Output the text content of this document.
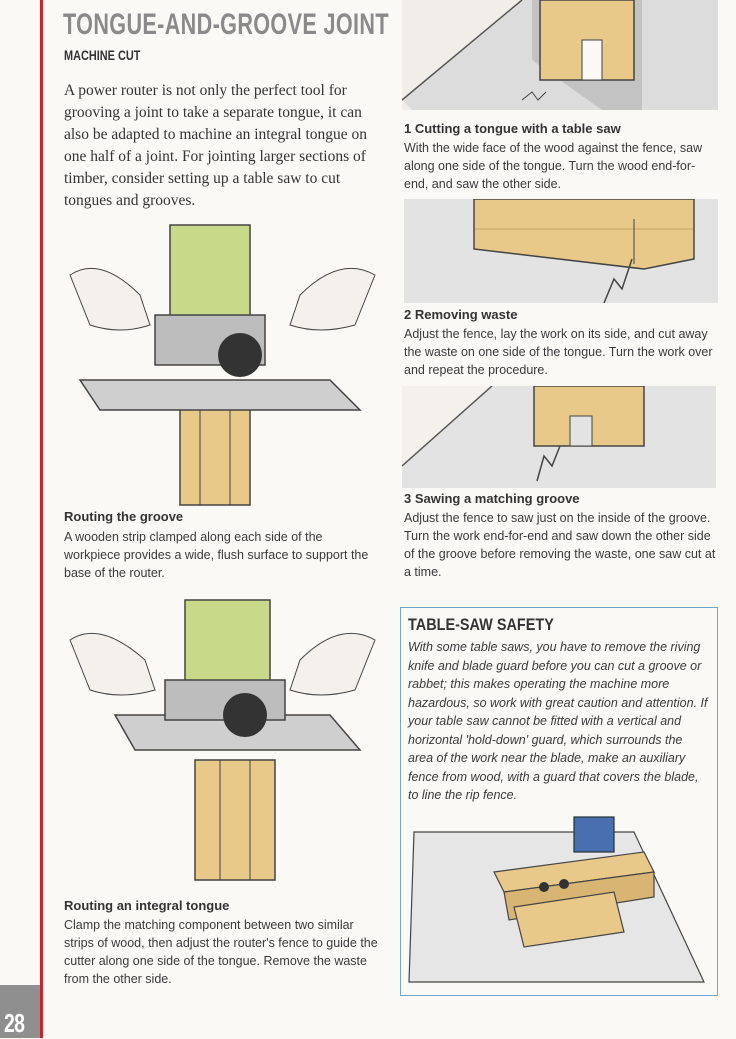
28
TONGUE-AND-GROOVE JOINT
MACHINE CUT
A power router is not only the perfect tool for grooving a joint to take a separate tongue, it can also be adapted to machine an integral tongue on one half of a joint. For jointing larger sections of timber, consider setting up a table saw to cut tongues and grooves.
1 Cutting a tongue with a table saw
With the wide face of the wood against the fence, saw along one side of the tongue. Turn the wood end-for-end, and saw the other side.
2 Removing waste
Adjust the fence, lay the work on its side, and cut away the waste on one side of the tongue. Turn the work over and repeat the procedure.
3 Sawing a matching groove
Adjust the fence to saw just on the inside of the groove. Turn the work end-for-end and saw down the other side of the groove before removing the waste, one saw cut at a time.
Routing the groove
A wooden strip clamped along each side of the workpiece provides a wide, flush surface to support the base of the router.
Routing an integral tongue
Clamp the matching component between two similar strips of wood, then adjust the router's fence to guide the cutter along one side of the tongue. Remove the waste from the other side.
TABLE-SAW SAFETY
With some table saws, you have to remove the riving knife and blade guard before you can cut a groove or rabbet; this makes operating the machine more hazardous, so work with great caution and attention. If your table saw cannot be fitted with a vertical and horizontal 'hold-down' guard, which surrounds the area of the work near the blade, make an auxiliary fence from wood, with a guard that covers the blade, to line the rip fence.
